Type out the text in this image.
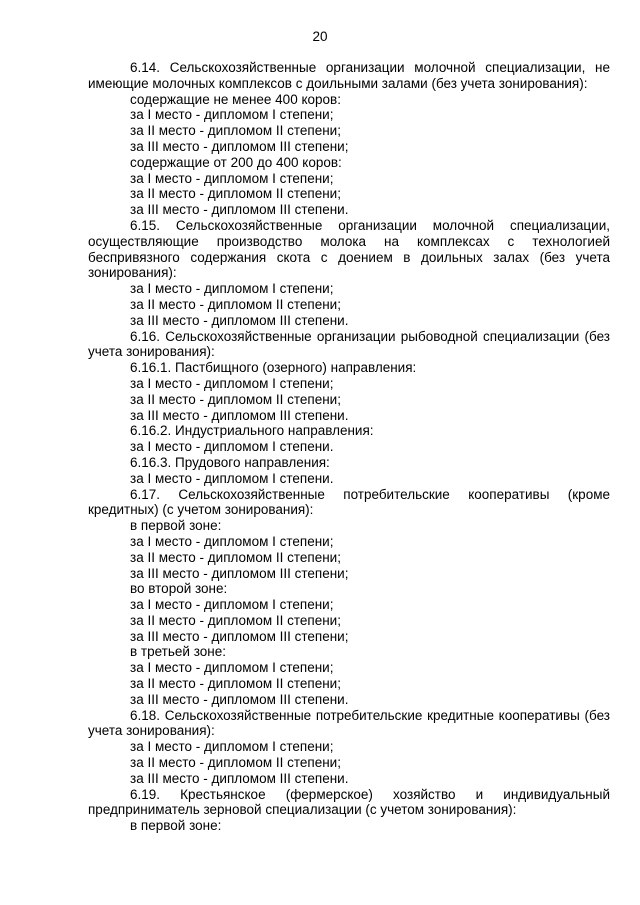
20
6.14. Сельскохозяйственные организации молочной специализации, не имеющие молочных комплексов с доильными залами (без учета зонирования):
содержащие не менее 400 коров:
за I место - дипломом I степени;
за II место - дипломом II степени;
за III место - дипломом III степени;
содержащие от 200 до 400 коров:
за I место - дипломом I степени;
за II место - дипломом II степени;
за III место - дипломом III степени.
6.15. Сельскохозяйственные организации молочной специализации, осуществляющие производство молока на комплексах с технологией беспривязного содержания скота с доением в доильных залах (без учета зонирования):
за I место - дипломом I степени;
за II место - дипломом II степени;
за III место - дипломом III степени.
6.16. Сельскохозяйственные организации рыбоводной специализации (без учета зонирования):
6.16.1. Пастбищного (озерного) направления:
за I место - дипломом I степени;
за II место - дипломом II степени;
за III место - дипломом III степени.
6.16.2. Индустриального направления:
за I место - дипломом I степени.
6.16.3. Прудового направления:
за I место - дипломом I степени.
6.17. Сельскохозяйственные потребительские кооперативы (кроме кредитных) (с учетом зонирования):
в первой зоне:
за I место - дипломом I степени;
за II место - дипломом II степени;
за III место - дипломом III степени;
во второй зоне:
за I место - дипломом I степени;
за II место - дипломом II степени;
за III место - дипломом III степени;
в третьей зоне:
за I место - дипломом I степени;
за II место - дипломом II степени;
за III место - дипломом III степени.
6.18. Сельскохозяйственные потребительские кредитные кооперативы (без учета зонирования):
за I место - дипломом I степени;
за II место - дипломом II степени;
за III место - дипломом III степени.
6.19. Крестьянское (фермерское) хозяйство и индивидуальный предприниматель зерновой специализации (с учетом зонирования):
в первой зоне:
